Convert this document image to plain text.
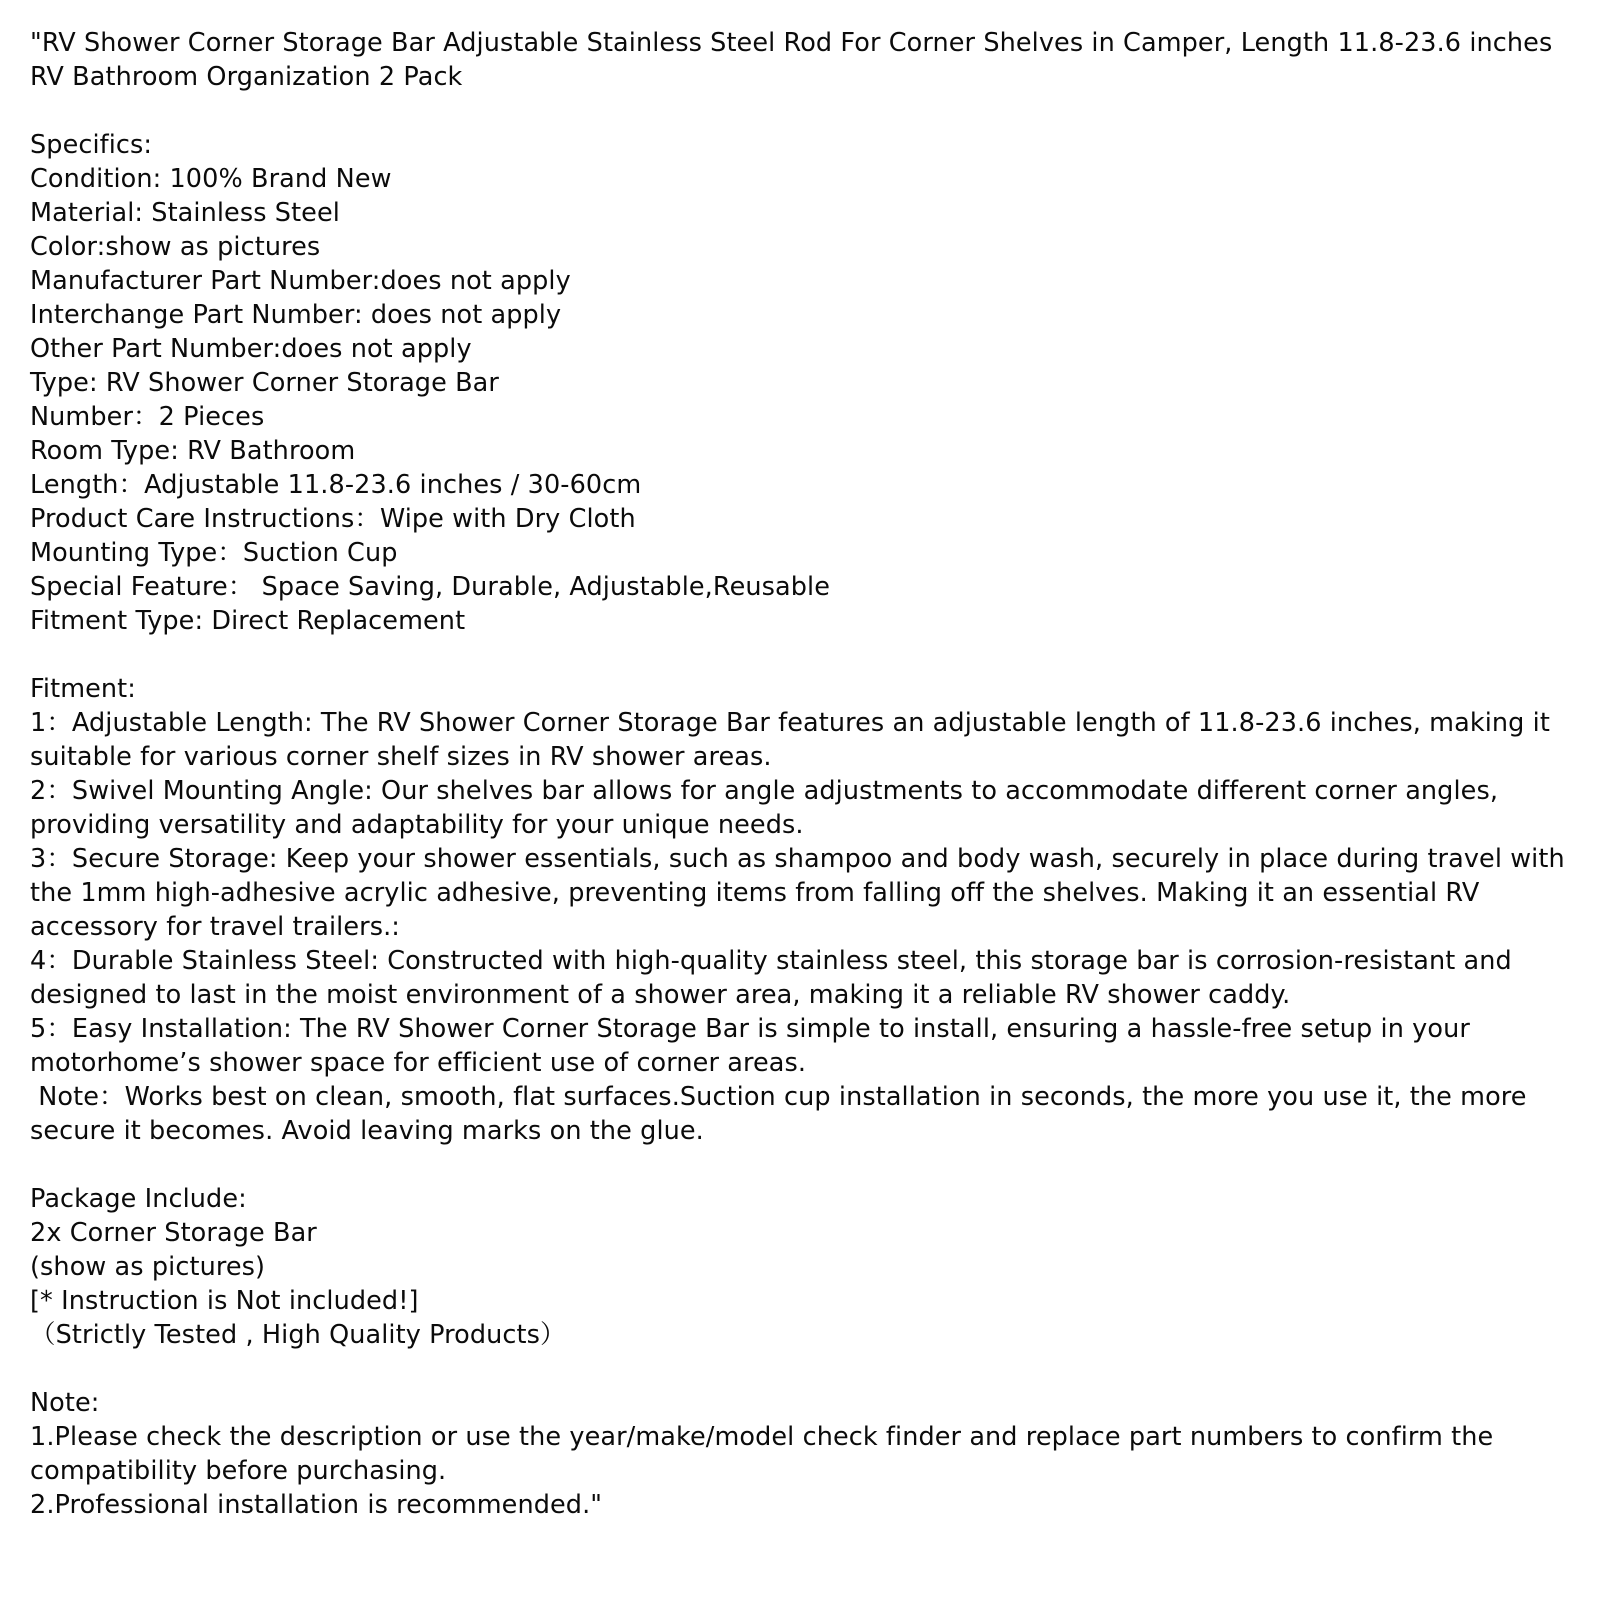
"RV Shower Corner Storage Bar Adjustable Stainless Steel Rod For Corner Shelves in Camper, Length 11.8-23.6 inches RV Bathroom Organization 2 Pack
Specifics:
Condition: 100% Brand New
Material: Stainless Steel
Color:show as pictures
Manufacturer Part Number:does not apply
Interchange Part Number: does not apply
Other Part Number:does not apply
Type: RV Shower Corner Storage Bar
Number：2 Pieces
Room Type: RV Bathroom
Length：Adjustable 11.8-23.6 inches / 30-60cm
Product Care Instructions：Wipe with Dry Cloth
Mounting Type：Suction Cup
Special Feature： Space Saving, Durable, Adjustable,Reusable
Fitment Type: Direct Replacement
Fitment:
1：Adjustable Length: The RV Shower Corner Storage Bar features an adjustable length of 11.8-23.6 inches, making it suitable for various corner shelf sizes in RV shower areas.
2：Swivel Mounting Angle: Our shelves bar allows for angle adjustments to accommodate different corner angles, providing versatility and adaptability for your unique needs.
3：Secure Storage: Keep your shower essentials, such as shampoo and body wash, securely in place during travel with the 1mm high-adhesive acrylic adhesive, preventing items from falling off the shelves. Making it an essential RV accessory for travel trailers.:
4：Durable Stainless Steel: Constructed with high-quality stainless steel, this storage bar is corrosion-resistant and designed to last in the moist environment of a shower area, making it a reliable RV shower caddy.
5：Easy Installation: The RV Shower Corner Storage Bar is simple to install, ensuring a hassle-free setup in your motorhome’s shower space for efficient use of corner areas.
Note：Works best on clean, smooth, flat surfaces.Suction cup installation in seconds, the more you use it, the more secure it becomes. Avoid leaving marks on the glue.
Package Include:
2x Corner Storage Bar
(show as pictures)
[* Instruction is Not included!]
（Strictly Tested , High Quality Products）
Note:
1.Please check the description or use the year/make/model check finder and replace part numbers to confirm the compatibility before purchasing.
2.Professional installation is recommended."
